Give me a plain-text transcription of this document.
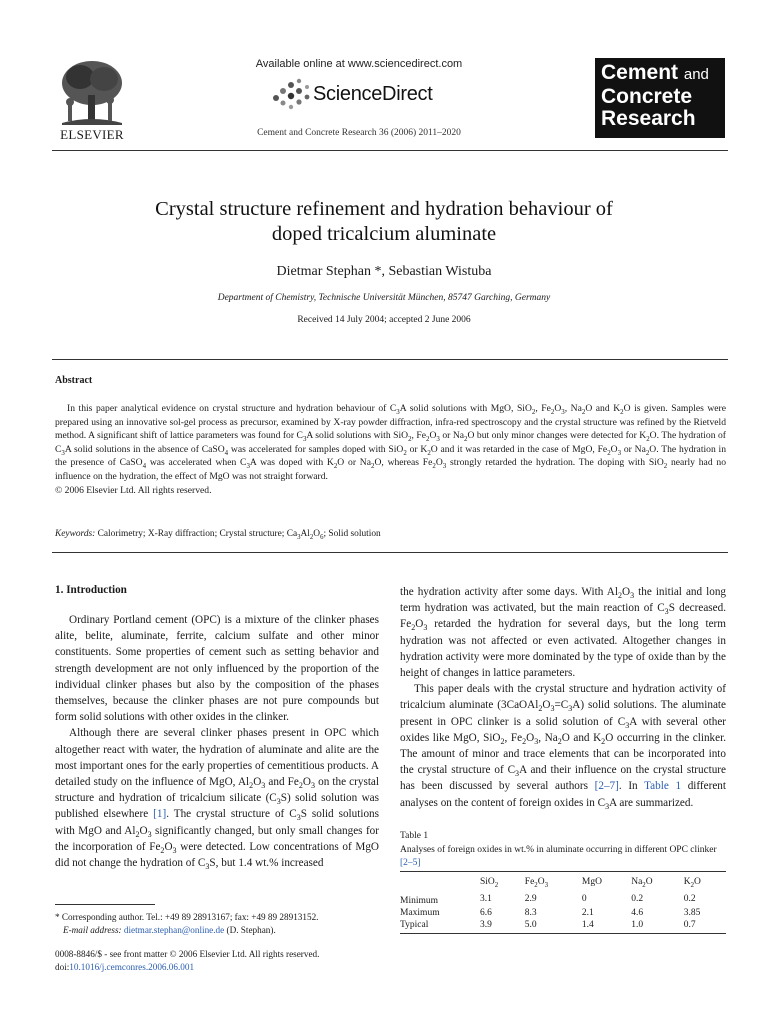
ELSEVIER
Available online at www.sciencedirect.com
ScienceDirect
Cement and Concrete Research 36 (2006) 2011–2020
Cement and
Concrete
Research
Crystal structure refinement and hydration behaviour of
doped tricalcium aluminate
Dietmar Stephan *, Sebastian Wistuba
Department of Chemistry, Technische Universität München, 85747 Garching, Germany
Received 14 July 2004; accepted 2 June 2006
Abstract

In this paper analytical evidence on crystal structure and hydration behaviour of $C_3A$ solid solutions with MgO, SiO$_2$, $Fe_2O_3$, $Na_2O$ and $K_2O$ is given. Samples were prepared using an innovative sol-gel process as precursor, examined by X-ray powder diffraction, infra-red spectroscopy and the crystal structure was refined by the Rietveld method. A significant shift of lattice parameters was found for $C_3A$ solid solutions with SiO$_2$, $Fe_2O_3$ or $Na_2O$ but only minor changes were detected for $K_2O$. The hydration of $C_3A$ solid solutions in the absence of CaSO$_4$ was accelerated for samples doped with SiO$_2$ or $K_2O$ and it was retarded in the case of MgO, $Fe_2O_3$ or $Na_2O$. The hydration in the presence of CaSO$_4$ was accelerated when $C_3A$ was doped with $K_2O$ or $Na_2O$, whereas $Fe_2O_3$ strongly retarded the hydration. The doping with SiO$_2$ nearly had no influence on the hydration, the effect of MgO was not straight forward.

© 2006 Elsevier Ltd. All rights reserved.

Keywords: Calorimetry; X-Ray diffraction; Crystal structure; $Ca_3Al_2O_6$; Solid solution
1. Introduction

Ordinary Portland cement (OPC) is a mixture of the clinker phases alite, belite, aluminate, ferrite, calcium sulfate and other minor constituents. Some properties of cement such as setting behavior and strength development are not only influenced by the proportion of the individual clinker phases but also by the composition of the phases themselves, because the clinker phases are not pure compounds but form solid solutions with other oxides in the clinker.

Although there are several clinker phases present in OPC which altogether react with water, the hydration of aluminate and alite are the most important ones for the early properties of cementitious products. A detailed study on the influence of MgO, $Al_2O_3$ and $Fe_2O_3$ on the crystal structure and hydration of tricalcium silicate $(C_3S)$ solid solution was published elsewhere [1]. The crystal structure of $C_3S$ solid solutions with MgO and $Al_2O_3$ significantly changed, but only small changes for the incorporation of $Fe_2O_3$ were detected. Low concentrations of MgO did not change the hydration of $C_3S$, but 1.4 wt.% increased

* Corresponding author. Tel.: +49 89 28913167; fax: +49 89 28913152.
E-mail address: dietmar.stephan@online.de (D. Stephan).
0008-8846/$ - see front matter © 2006 Elsevier Ltd. All rights reserved.
doi:10.1016/j.cemconres.2006.06.001

the hydration activity after some days. With $Al_2O_3$ the initial and long term hydration was activated, but the main reaction of $C_3S$ decreased. $Fe_2O_3$ retarded the hydration for several days, but the long term hydration was not affected or even activated. Altogether changes in hydration activity were more dominated by the type of oxide than by the height of changes in lattice parameters.

This paper deals with the crystal structure and hydration activity of tricalcium aluminate $(3CaOAl_2O_3=C_3A)$ solid solutions. The aluminate present in OPC clinker is a solid solution of $C_3A$ with several other oxides like MgO, SiO$_2$, $Fe_2O_3$, $Na_2O$ and $K_2O$ occurring in the clinker. The amount of minor and trace elements that can be incorporated into the crystal structure of $C_3A$ and their influence on the crystal structure has been discussed by several authors [2–7]. In Table 1 different analyses on the content of foreign oxides in $C_3A$ are summarized.

Table 1
Analyses of foreign oxides in wt.% in aluminate occurring in different OPC clinker [2–5]
	SiO$_2$	$Fe_2O_3$	MgO	$Na_2O$	$K_2O$
Minimum	3.1	2.9	0	0.2	0.2
Maximum	6.6	8.3	2.1	4.6	3.85
Typical	3.9	5.0	1.4	1.0	0.7
